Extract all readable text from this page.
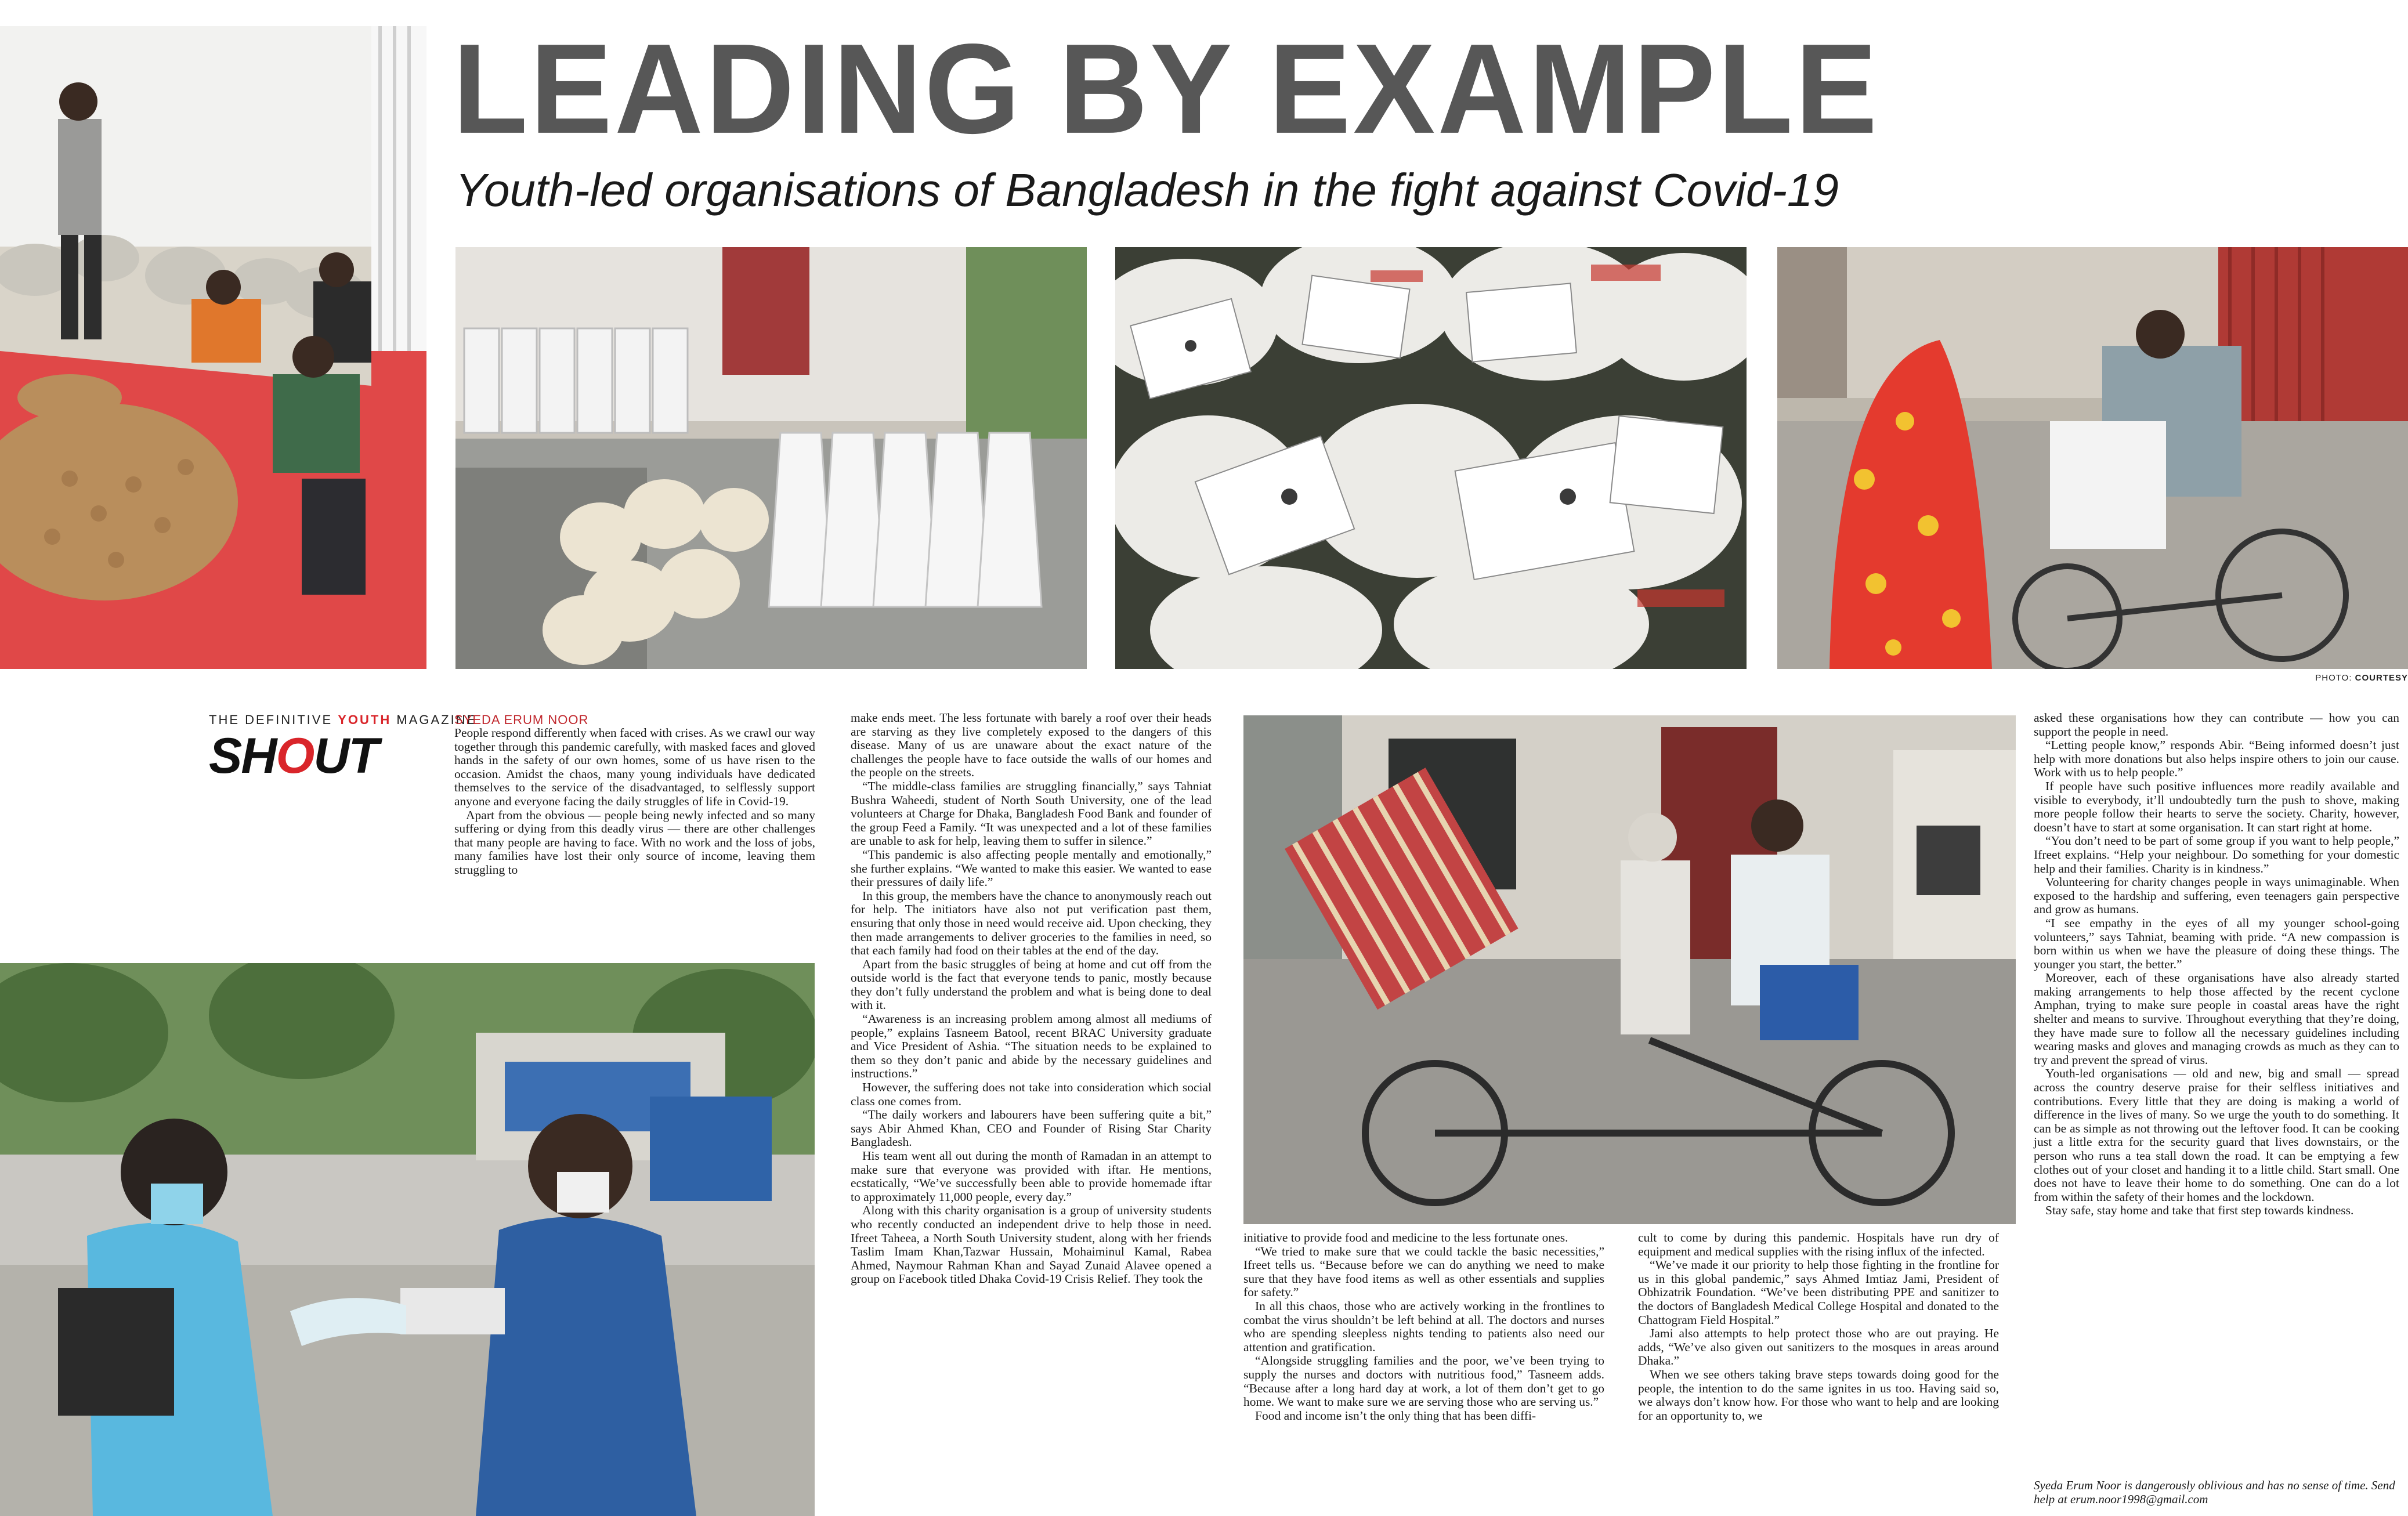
LEADING BY EXAMPLE
Youth-led organisations of Bangladesh in the fight against Covid-19
PHOTO: COURTESY
THE DEFINITIVE YOUTH MAGAZINE
SHOUT
SYEDA ERUM NOOR

People respond differently when faced with crises. As we crawl our way together through this pandemic carefully, with masked faces and gloved hands in the safety of our own homes, some of us have risen to the occasion. Amidst the chaos, many young individuals have dedicated themselves to the service of the disadvantaged, to selflessly support anyone and everyone facing the daily struggles of life in Covid-19.

Apart from the obvious — people being newly infected and so many suffering or dying from this deadly virus — there are other challenges that many people are having to face. With no work and the loss of jobs, many families have lost their only source of income, leaving them struggling to

make ends meet. The less fortunate with barely a roof over their heads are starving as they live completely exposed to the dangers of this disease. Many of us are unaware about the exact nature of the challenges the people have to face outside the walls of our homes and the people on the streets.

“The middle-class families are struggling financially,” says Tahniat Bushra Waheedi, student of North South University, one of the lead volunteers at Charge for Dhaka, Bangladesh Food Bank and founder of the group Feed a Family. “It was unexpected and a lot of these families are unable to ask for help, leaving them to suffer in silence.”

“This pandemic is also affecting people mentally and emotionally,” she further explains. “We wanted to make this easier. We wanted to ease their pressures of daily life.”

In this group, the members have the chance to anonymously reach out for help. The initiators have also not put verification past them, ensuring that only those in need would receive aid. Upon checking, they then made arrangements to deliver groceries to the families in need, so that each family had food on their tables at the end of the day.

Apart from the basic struggles of being at home and cut off from the outside world is the fact that everyone tends to panic, mostly because they don’t fully understand the problem and what is being done to deal with it.

“Awareness is an increasing problem among almost all mediums of people,” explains Tasneem Batool, recent BRAC University graduate and Vice President of Ashia. “The situation needs to be explained to them so they don’t panic and abide by the necessary guidelines and instructions.”

However, the suffering does not take into consideration which social class one comes from.

“The daily workers and labourers have been suffering quite a bit,” says Abir Ahmed Khan, CEO and Founder of Rising Star Charity Bangladesh.

His team went all out during the month of Ramadan in an attempt to make sure that everyone was provided with iftar. He mentions, ecstatically, “We’ve successfully been able to provide homemade iftar to approximately 11,000 people, every day.”

Along with this charity organisation is a group of university students who recently conducted an independent drive to help those in need. Ifreet Taheea, a North South University student, along with her friends Taslim Imam Khan,Tazwar Hussain, Mohaiminul Kamal, Rabea Ahmed, Naymour Rahman Khan and Sayad Zunaid Alavee opened a group on Facebook titled Dhaka Covid-19 Crisis Relief. They took the

initiative to provide food and medicine to the less fortunate ones.

“We tried to make sure that we could tackle the basic necessities,” Ifreet tells us. “Because before we can do anything we need to make sure that they have food items as well as other essentials and supplies for safety.”

In all this chaos, those who are actively working in the frontlines to combat the virus shouldn’t be left behind at all. The doctors and nurses who are spending sleepless nights tending to patients also need our attention and gratification.

“Alongside struggling families and the poor, we’ve been trying to supply the nurses and doctors with nutritious food,” Tasneem adds. “Because after a long hard day at work, a lot of them don’t get to go home. We want to make sure we are serving those who are serving us.”

Food and income isn’t the only thing that has been diffi-

cult to come by during this pandemic. Hospitals have run dry of equipment and medical supplies with the rising influx of the infected.

“We’ve made it our priority to help those fighting in the frontline for us in this global pandemic,” says Ahmed Imtiaz Jami, President of Obhizatrik Foundation. “We’ve been distributing PPE and sanitizer to the doctors of Bangladesh Medical College Hospital and donated to the Chattogram Field Hospital.”

Jami also attempts to help protect those who are out praying. He adds, “We’ve also given out sanitizers to the mosques in areas around Dhaka.”

When we see others taking brave steps towards doing good for the people, the intention to do the same ignites in us too. Having said so, we always don’t know how. For those who want to help and are looking for an opportunity to, we

asked these organisations how they can contribute — how you can support the people in need.

“Letting people know,” responds Abir. “Being informed doesn’t just help with more donations but also helps inspire others to join our cause. Work with us to help people.”

If people have such positive influences more readily available and visible to everybody, it’ll undoubtedly turn the push to shove, making more people follow their hearts to serve the society. Charity, however, doesn’t have to start at some organisation. It can start right at home.

“You don’t need to be part of some group if you want to help people,” Ifreet explains. “Help your neighbour. Do something for your domestic help and their families. Charity is in kindness.”

Volunteering for charity changes people in ways unimaginable. When exposed to the hardship and suffering, even teenagers gain perspective and grow as humans.

“I see empathy in the eyes of all my younger school-going volunteers,” says Tahniat, beaming with pride. “A new compassion is born within us when we have the pleasure of doing these things. The younger you start, the better.”

Moreover, each of these organisations have also already started making arrangements to help those affected by the recent cyclone Amphan, trying to make sure people in coastal areas have the right shelter and means to survive. Throughout everything that they’re doing, they have made sure to follow all the necessary guidelines including wearing masks and gloves and managing crowds as much as they can to try and prevent the spread of virus.

Youth-led organisations — old and new, big and small — spread across the country deserve praise for their selfless initiatives and contributions. Every little that they are doing is making a world of difference in the lives of many. So we urge the youth to do something. It can be as simple as not throwing out the leftover food. It can be cooking just a little extra for the security guard that lives downstairs, or the person who runs a tea stall down the road. It can be emptying a few clothes out of your closet and handing it to a little child. Start small. One does not have to leave their home to do something. One can do a lot from within the safety of their homes and the lockdown.

Stay safe, stay home and take that first step towards kindness.

Syeda Erum Noor is dangerously oblivious and has no sense of time. Send help at erum.noor1998@gmail.com
